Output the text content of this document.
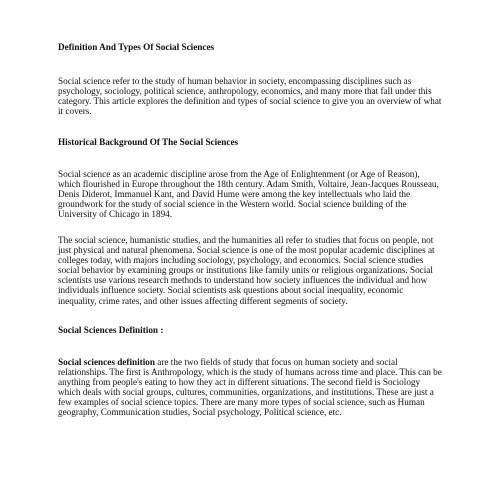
Definition And Types Of Social Sciences

Social science refer to the study of human behavior in society, encompassing disciplines such as psychology, sociology, political science, anthropology, economics, and many more that fall under this category. This article explores the definition and types of social science to give you an overview of what it covers.

Historical Background Of The Social Sciences

Social science as an academic discipline arose from the Age of Enlightenment (or Age of Reason), which flourished in Europe throughout the 18th century. Adam Smith, Voltaire, Jean-Jacques Rousseau, Denis Diderot, Immanuel Kant, and David Hume were among the key intellectuals who laid the groundwork for the study of social science in the Western world. Social science building of the University of Chicago in 1894.

The social science, humanistic studies, and the humanities all refer to studies that focus on people, not just physical and natural phenomena. Social science is one of the most popular academic disciplines at colleges today, with majors including sociology, psychology, and economics. Social science studies social behavior by examining groups or institutions like family units or religious organizations. Social scientists use various research methods to understand how society influences the individual and how individuals influence society. Social scientists ask questions about social inequality, economic inequality, crime rates, and other issues affecting different segments of society.

Social Sciences Definition :

Social sciences definition are the two fields of study that focus on human society and social relationships. The first is Anthropology, which is the study of humans across time and place. This can be anything from people's eating to how they act in different situations. The second field is Sociology which deals with social groups, cultures, communities, organizations, and institutions. These are just a few examples of social science topics. There are many more types of social science, such as Human geography, Communication studies, Social psychology, Political science, etc.
